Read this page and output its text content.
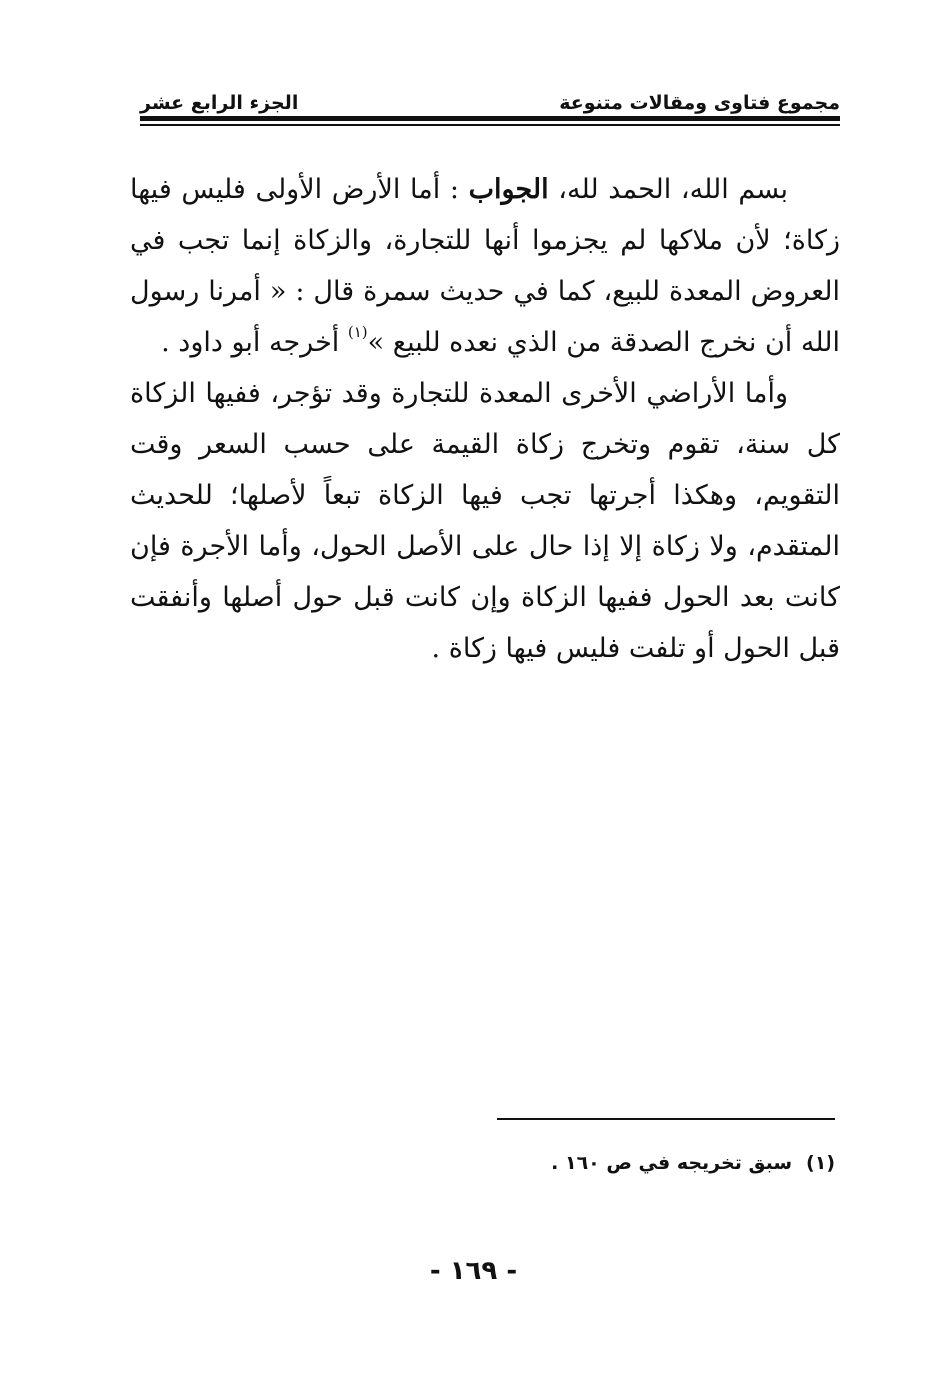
مجموع فتاوى ومقالات متنوعة
الجزء الرابع عشر

بسم الله، الحمد لله، الجواب : أما الأرض الأولى فليس فيها زكاة؛ لأن ملاكها لم يجزموا أنها للتجارة، والزكاة إنما تجب في العروض المعدة للبيع، كما في حديث سمرة قال : « أمرنا رسول الله أن نخرج الصدقة من الذي نعده للبيع »$^{(١)}$ أخرجه أبو داود .

وأما الأراضي الأخرى المعدة للتجارة وقد تؤجر، ففيها الزكاة كل سنة، تقوم وتخرج زكاة القيمة على حسب السعر وقت التقويم، وهكذا أجرتها تجب فيها الزكاة تبعاً لأصلها؛ للحديث المتقدم، ولا زكاة إلا إذا حال على الأصل الحول، وأما الأجرة فإن كانت بعد الحول ففيها الزكاة وإن كانت قبل حول أصلها وأنفقت قبل الحول أو تلفت فليس فيها زكاة .

(١)سبق تخريجه في ص ١٦٠ .
- ١٦٩ -
